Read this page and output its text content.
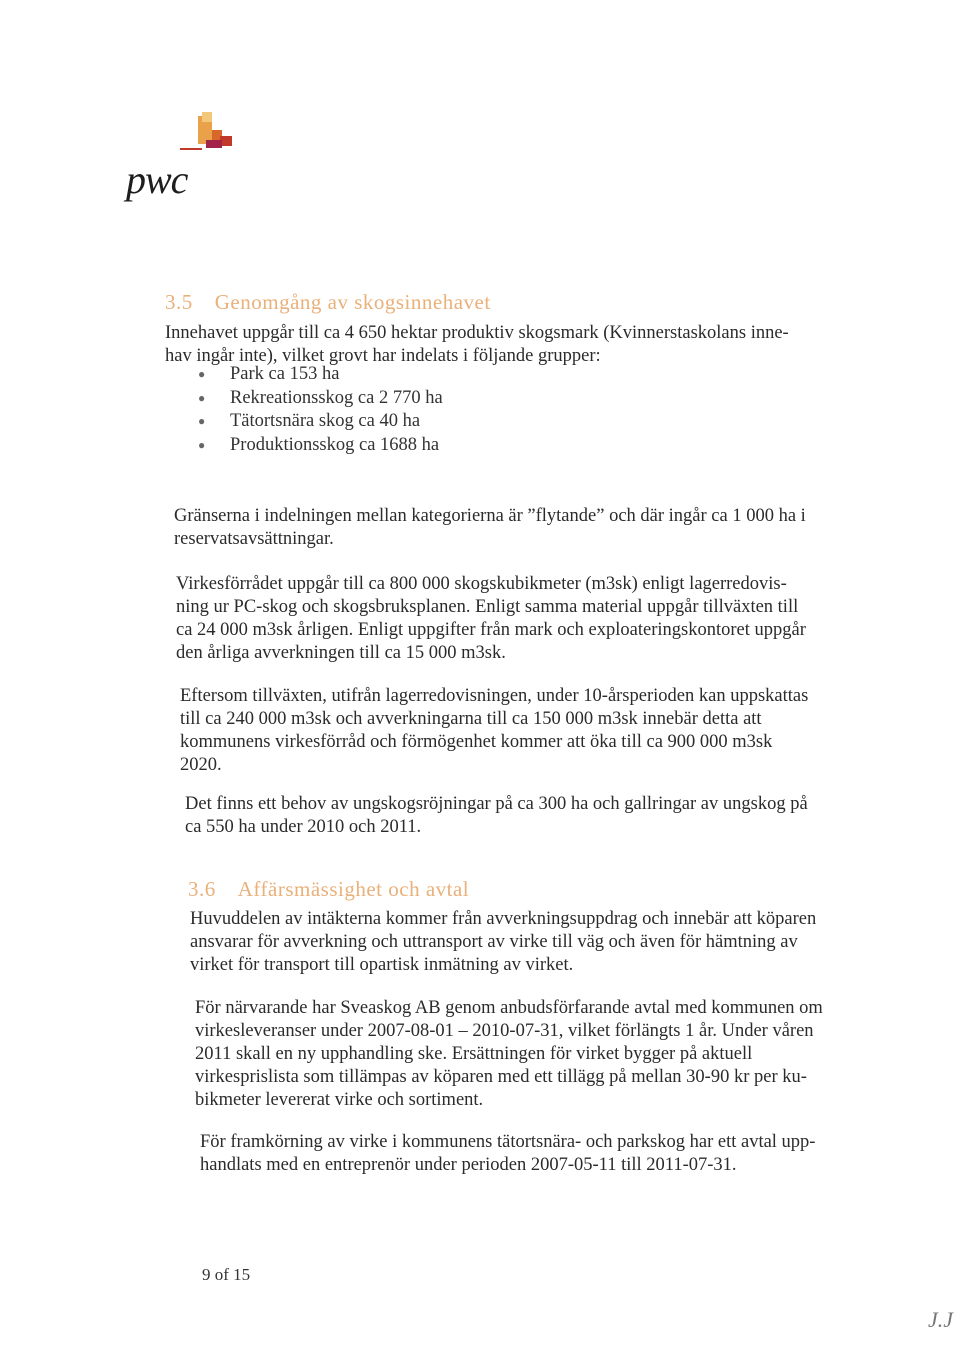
pwc
3.5 Genomgång av skogsinnehavet

Innehavet uppgår till ca 4 650 hektar produktiv skogsmark (Kvinnerstaskolans inne-

hav ingår inte), vilket grovt har indelats i följande grupper:

● Park ca 153 ha
● Rekreationsskog ca 2 770 ha
● Tätortsnära skog ca 40 ha
● Produktionsskog ca 1688 ha

Gränserna i indelningen mellan kategorierna är ”flytande” och där ingår ca 1 000 ha i

reservatsavsättningar.

Virkesförrådet uppgår till ca 800 000 skogskubikmeter (m3sk) enligt lagerredovis-

ning ur PC-skog och skogsbruksplanen. Enligt samma material uppgår tillväxten till

ca 24 000 m3sk årligen. Enligt uppgifter från mark och exploateringskontoret uppgår

den årliga avverkningen till ca 15 000 m3sk.

Eftersom tillväxten, utifrån lagerredovisningen, under 10-årsperioden kan uppskattas

till ca 240 000 m3sk och avverkningarna till ca 150 000 m3sk innebär detta att

kommunens virkesförråd och förmögenhet kommer att öka till ca 900 000 m3sk

2020.

Det finns ett behov av ungskogsröjningar på ca 300 ha och gallringar av ungskog på

ca 550 ha under 2010 och 2011.

3.6 Affärsmässighet och avtal

Huvuddelen av intäkterna kommer från avverkningsuppdrag och innebär att köparen

ansvarar för avverkning och uttransport av virke till väg och även för hämtning av

virket för transport till opartisk inmätning av virket.

För närvarande har Sveaskog AB genom anbudsförfarande avtal med kommunen om

virkesleveranser under 2007-08-01 – 2010-07-31, vilket förlängts 1 år. Under våren

2011 skall en ny upphandling ske. Ersättningen för virket bygger på aktuell

virkesprislista som tillämpas av köparen med ett tillägg på mellan 30-90 kr per ku-

bikmeter levererat virke och sortiment.

För framkörning av virke i kommunens tätortsnära- och parkskog har ett avtal upp-

handlats med en entreprenör under perioden 2007-05-11 till 2011-07-31.

9 of 15
J.J
